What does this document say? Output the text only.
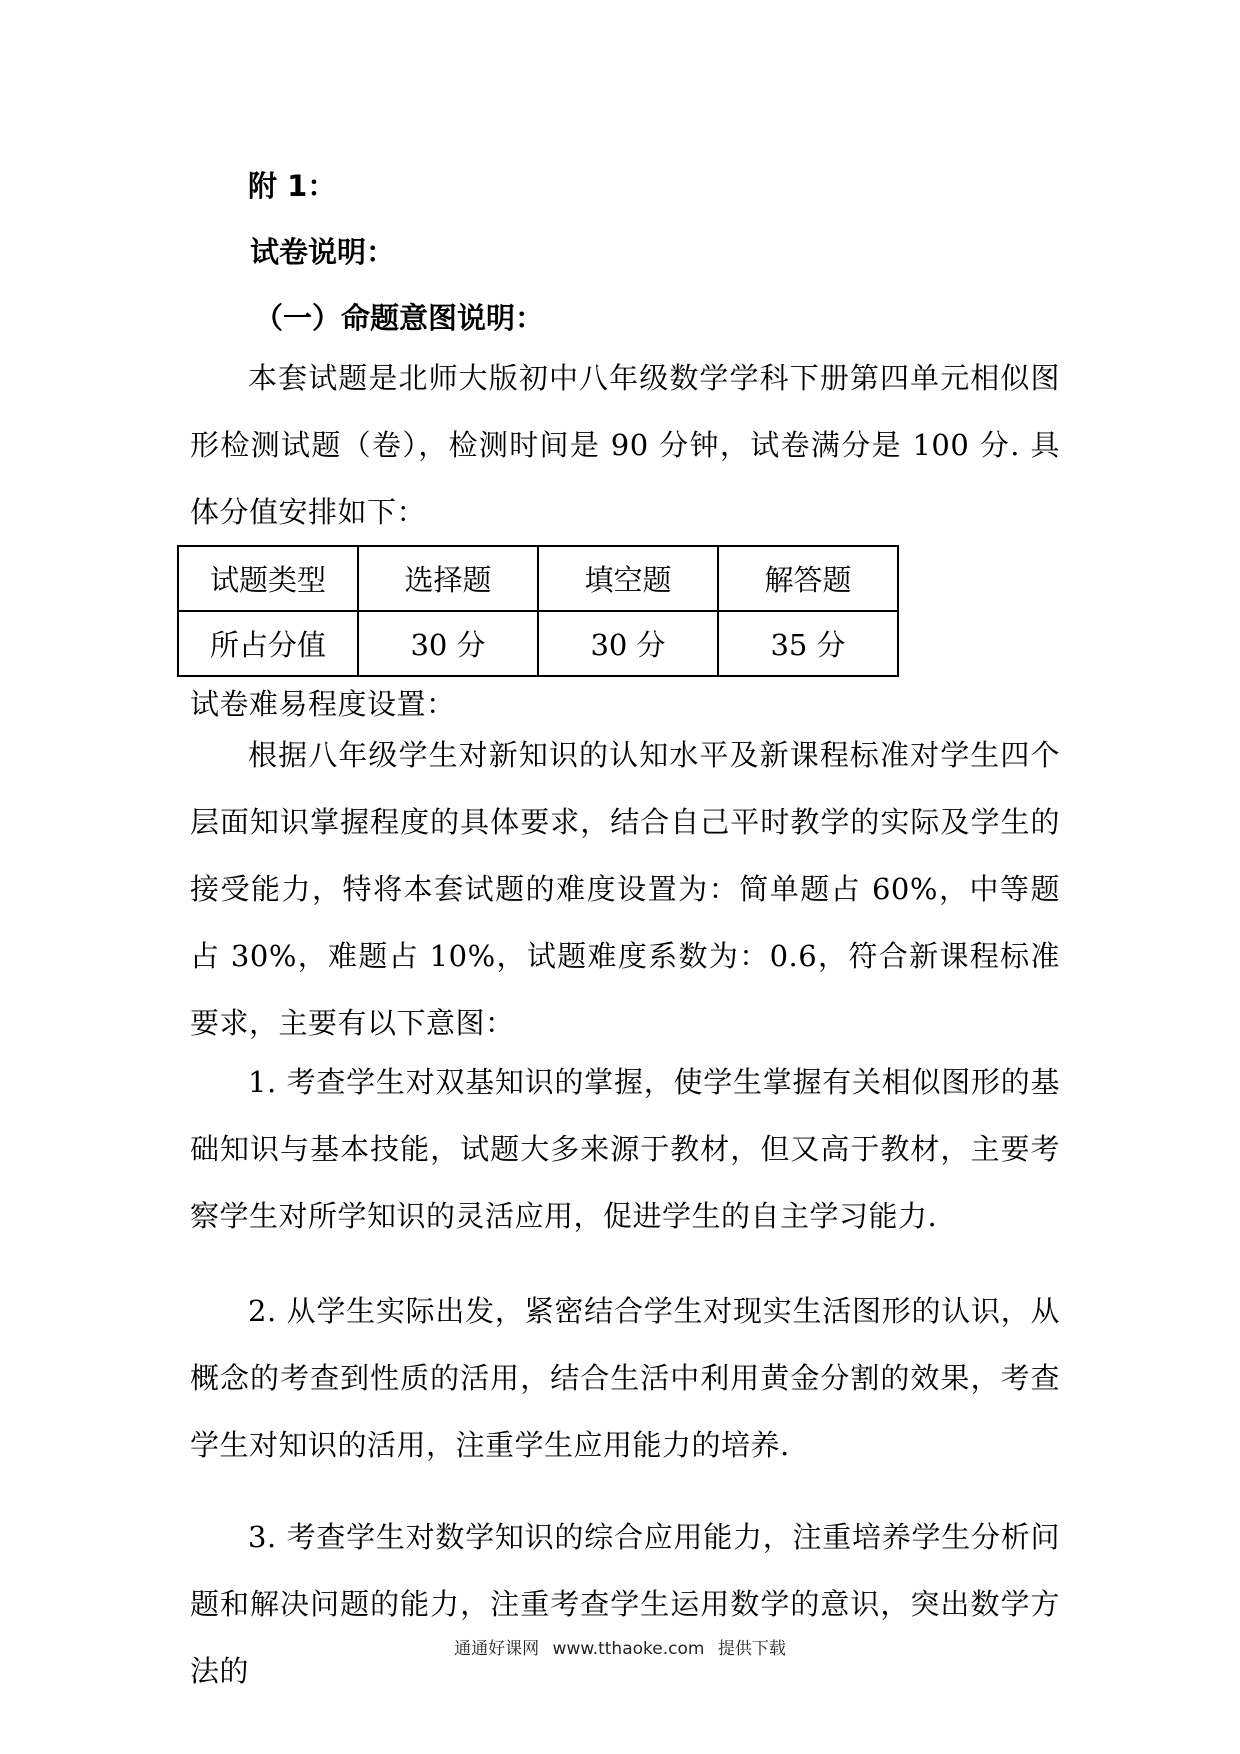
附 1：
试卷说明：
（一）命题意图说明：
本套试题是北师大版初中八年级数学学科下册第四单元相似图形检测试题（卷），检测时间是 90 分钟，试卷满分是 100 分. 具体分值安排如下：
试题类型	选择题	填空题	解答题
所占分值	30 分	30 分	35 分
试卷难易程度设置：
根据八年级学生对新知识的认知水平及新课程标准对学生四个层面知识掌握程度的具体要求，结合自己平时教学的实际及学生的接受能力，特将本套试题的难度设置为：简单题占 60%，中等题占 30%，难题占 10%，试题难度系数为：0.6，符合新课程标准要求，主要有以下意图：
1. 考查学生对双基知识的掌握，使学生掌握有关相似图形的基础知识与基本技能，试题大多来源于教材，但又高于教材，主要考察学生对所学知识的灵活应用，促进学生的自主学习能力.
2. 从学生实际出发，紧密结合学生对现实生活图形的认识，从概念的考查到性质的活用，结合生活中利用黄金分割的效果，考查学生对知识的活用，注重学生应用能力的培养.
3. 考查学生对数学知识的综合应用能力，注重培养学生分析问题和解决问题的能力，注重考查学生运用数学的意识，突出数学方法的
通通好课网 www.tthaoke.com 提供下载
